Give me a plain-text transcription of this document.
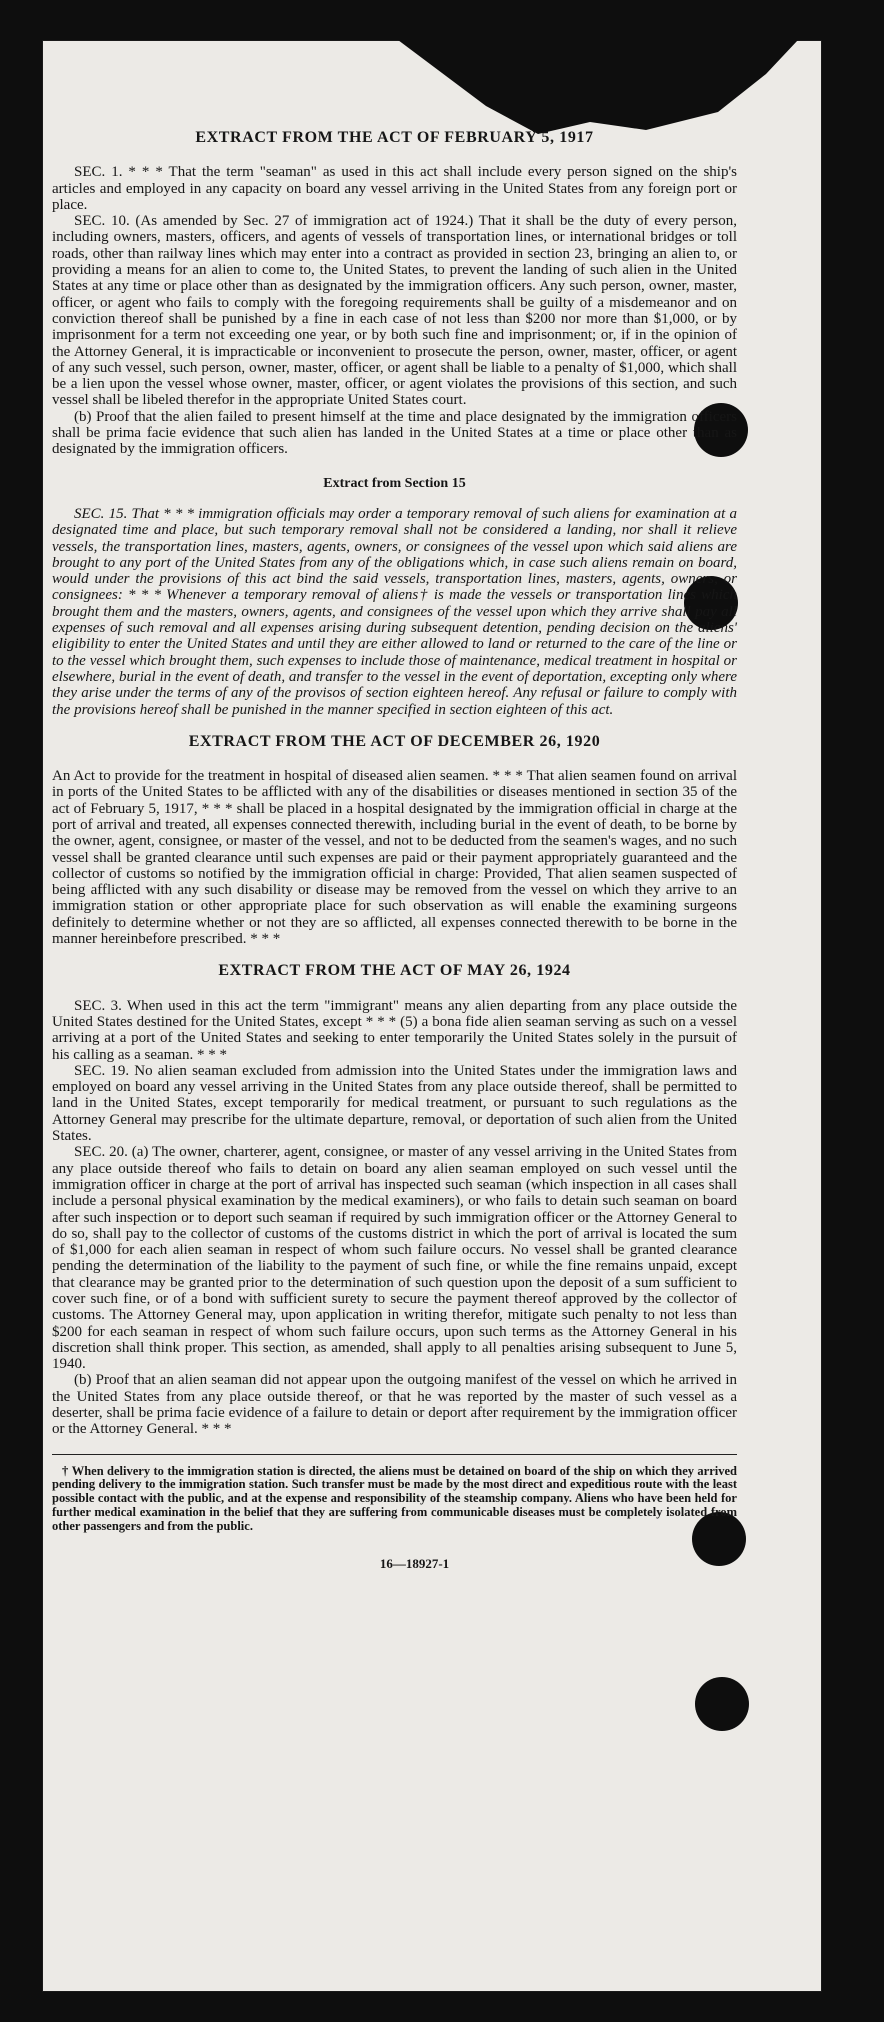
EXTRACT FROM THE ACT OF FEBRUARY 5, 1917

SEC. 1. * * * That the term "seaman" as used in this act shall include every person signed on the ship's articles and employed in any capacity on board any vessel arriving in the United States from any foreign port or place.

SEC. 10. (As amended by Sec. 27 of immigration act of 1924.) That it shall be the duty of every person, including owners, masters, officers, and agents of vessels of transportation lines, or international bridges or toll roads, other than railway lines which may enter into a contract as provided in section 23, bringing an alien to, or providing a means for an alien to come to, the United States, to prevent the landing of such alien in the United States at any time or place other than as designated by the immigration officers. Any such person, owner, master, officer, or agent who fails to comply with the foregoing requirements shall be guilty of a misdemeanor and on conviction thereof shall be punished by a fine in each case of not less than $200 nor more than $1,000, or by imprisonment for a term not exceeding one year, or by both such fine and imprisonment; or, if in the opinion of the Attorney General, it is impracticable or inconvenient to prosecute the person, owner, master, officer, or agent of any such vessel, such person, owner, master, officer, or agent shall be liable to a penalty of $1,000, which shall be a lien upon the vessel whose owner, master, officer, or agent violates the provisions of this section, and such vessel shall be libeled therefor in the appropriate United States court.

(b) Proof that the alien failed to present himself at the time and place designated by the immigration officers shall be prima facie evidence that such alien has landed in the United States at a time or place other than as designated by the immigration officers.

Extract from Section 15

SEC. 15. That * * * immigration officials may order a temporary removal of such aliens for examination at a designated time and place, but such temporary removal shall not be considered a landing, nor shall it relieve vessels, the transportation lines, masters, agents, owners, or consignees of the vessel upon which said aliens are brought to any port of the United States from any of the obligations which, in case such aliens remain on board, would under the provisions of this act bind the said vessels, transportation lines, masters, agents, owners, or consignees: * * * Whenever a temporary removal of aliens† is made the vessels or transportation lines which brought them and the masters, owners, agents, and consignees of the vessel upon which they arrive shall pay all expenses of such removal and all expenses arising during subsequent detention, pending decision on the aliens' eligibility to enter the United States and until they are either allowed to land or returned to the care of the line or to the vessel which brought them, such expenses to include those of maintenance, medical treatment in hospital or elsewhere, burial in the event of death, and transfer to the vessel in the event of deportation, excepting only where they arise under the terms of any of the provisos of section eighteen hereof. Any refusal or failure to comply with the provisions hereof shall be punished in the manner specified in section eighteen of this act.

EXTRACT FROM THE ACT OF DECEMBER 26, 1920

An Act to provide for the treatment in hospital of diseased alien seamen. * * * That alien seamen found on arrival in ports of the United States to be afflicted with any of the disabilities or diseases mentioned in section 35 of the act of February 5, 1917, * * * shall be placed in a hospital designated by the immigration official in charge at the port of arrival and treated, all expenses connected therewith, including burial in the event of death, to be borne by the owner, agent, consignee, or master of the vessel, and not to be deducted from the seamen's wages, and no such vessel shall be granted clearance until such expenses are paid or their payment appropriately guaranteed and the collector of customs so notified by the immigration official in charge: Provided, That alien seamen suspected of being afflicted with any such disability or disease may be removed from the vessel on which they arrive to an immigration station or other appropriate place for such observation as will enable the examining surgeons definitely to determine whether or not they are so afflicted, all expenses connected therewith to be borne in the manner hereinbefore prescribed. * * *

EXTRACT FROM THE ACT OF MAY 26, 1924

SEC. 3. When used in this act the term "immigrant" means any alien departing from any place outside the United States destined for the United States, except * * * (5) a bona fide alien seaman serving as such on a vessel arriving at a port of the United States and seeking to enter temporarily the United States solely in the pursuit of his calling as a seaman. * * *

SEC. 19. No alien seaman excluded from admission into the United States under the immigration laws and employed on board any vessel arriving in the United States from any place outside thereof, shall be permitted to land in the United States, except temporarily for medical treatment, or pursuant to such regulations as the Attorney General may prescribe for the ultimate departure, removal, or deportation of such alien from the United States.

SEC. 20. (a) The owner, charterer, agent, consignee, or master of any vessel arriving in the United States from any place outside thereof who fails to detain on board any alien seaman employed on such vessel until the immigration officer in charge at the port of arrival has inspected such seaman (which inspection in all cases shall include a personal physical examination by the medical examiners), or who fails to detain such seaman on board after such inspection or to deport such seaman if required by such immigration officer or the Attorney General to do so, shall pay to the collector of customs of the customs district in which the port of arrival is located the sum of $1,000 for each alien seaman in respect of whom such failure occurs. No vessel shall be granted clearance pending the determination of the liability to the payment of such fine, or while the fine remains unpaid, except that clearance may be granted prior to the determination of such question upon the deposit of a sum sufficient to cover such fine, or of a bond with sufficient surety to secure the payment thereof approved by the collector of customs. The Attorney General may, upon application in writing therefor, mitigate such penalty to not less than $200 for each seaman in respect of whom such failure occurs, upon such terms as the Attorney General in his discretion shall think proper. This section, as amended, shall apply to all penalties arising subsequent to June 5, 1940.

(b) Proof that an alien seaman did not appear upon the outgoing manifest of the vessel on which he arrived in the United States from any place outside thereof, or that he was reported by the master of such vessel as a deserter, shall be prima facie evidence of a failure to detain or deport after requirement by the immigration officer or the Attorney General. * * *

† When delivery to the immigration station is directed, the aliens must be detained on board of the ship on which they arrived pending delivery to the immigration station. Such transfer must be made by the most direct and expeditious route with the least possible contact with the public, and at the expense and responsibility of the steamship company. Aliens who have been held for further medical examination in the belief that they are suffering from communicable diseases must be completely isolated from other passengers and from the public.

16—18927-1
